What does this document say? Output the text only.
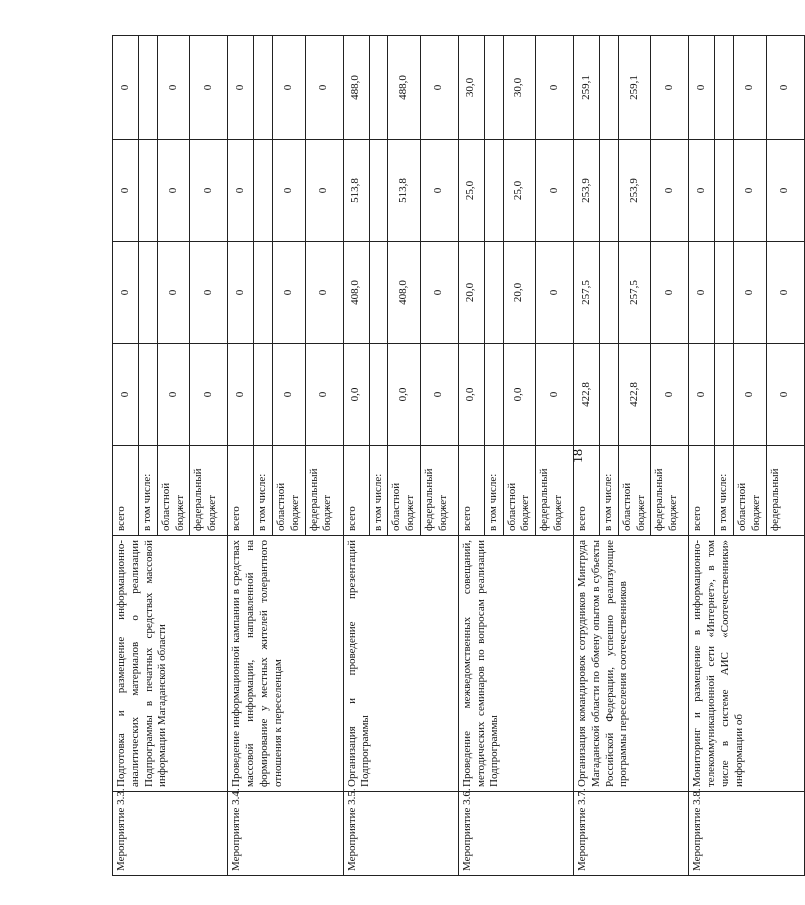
18
Мероприятие 3.3.	Подготовка и размещение информационно-аналитических материалов о реализации Подпрограммы в печатных средствах массовой информации Магаданской области	всего	0	0	0	0
		в том числе:				
		областной бюджет	0	0	0	0
		федеральный бюджет	0	0	0	0
Мероприятие 3.4.	Проведение информационной кампании в средствах массовой информации, направленной на формирование у местных жителей толерантного отношения к переселенцам	всего	0	0	0	0
		в том числе:				
		областной бюджет	0	0	0	0
		федеральный бюджет	0	0	0	0
Мероприятие 3.5.	Организация и проведение презентаций Подпрограммы	всего	0,0	408,0	513,8	488,0
		в том числе:				
		областной бюджет	0,0	408,0	513,8	488,0
		федеральный бюджет	0	0	0	0
Мероприятие 3.6.	Проведение межведомственных совещаний, методических семинаров по вопросам реализации Подпрограммы	всего	0,0	20,0	25,0	30,0
		в том числе:				
		областной бюджет	0,0	20,0	25,0	30,0
		федеральный бюджет	0	0	0	0
Мероприятие 3.7.	Организация командировок сотрудников Минтруда Магаданской области по обмену опытом в субъекты Российской Федерации, успешно реализующие программы переселения соотечественников	всего	422,8	257,5	253,9	259,1
		в том числе:				
		областной бюджет	422,8	257,5	253,9	259,1
		федеральный бюджет	0	0	0	0
Мероприятие 3.8.	Мониторинг и размещение в информационно-телекоммуникационной сети «Интернет», в том числе в системе АИС «Соотечественники» информации об	всего	0	0	0	0
		в том числе:				
		областной бюджет	0	0	0	0
		федеральный	0	0	0	0
